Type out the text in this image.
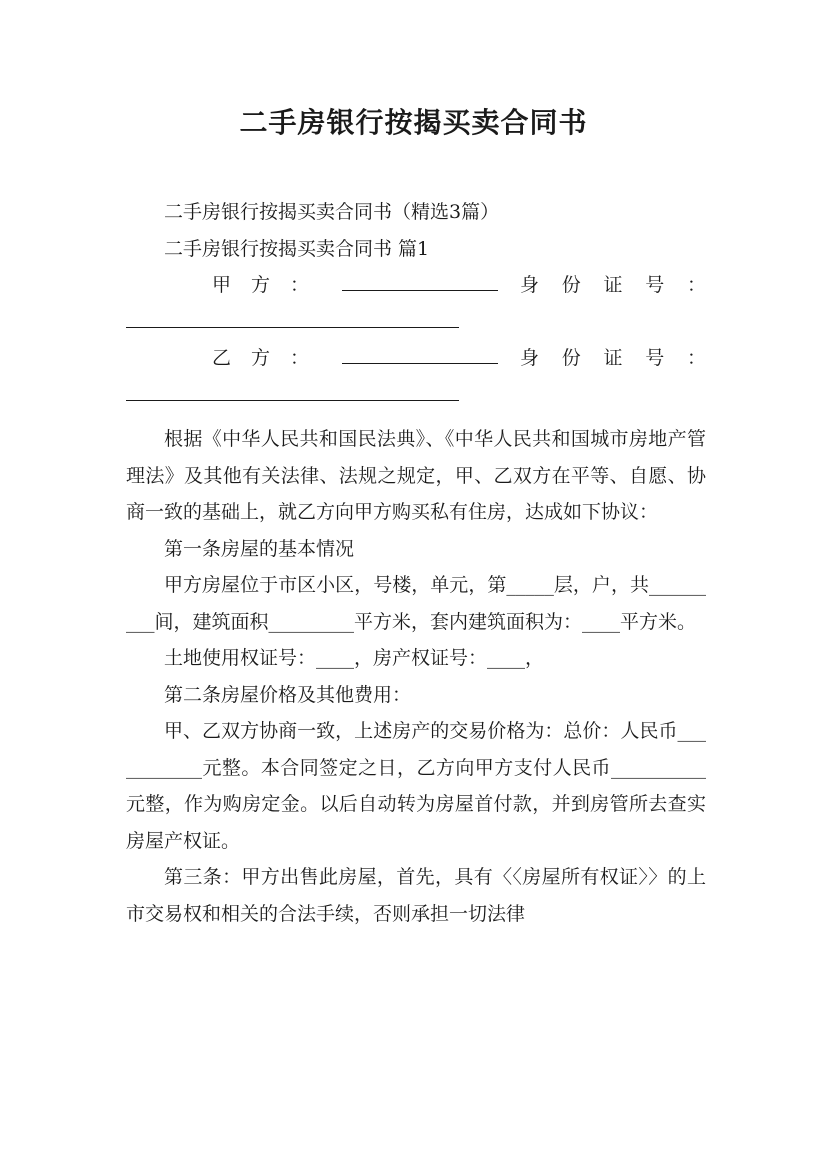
二手房银行按揭买卖合同书

二手房银行按揭买卖合同书（精选3篇）

二手房银行按揭买卖合同书 篇1

甲方：	身 份 证 号 ：
乙方：	身 份 证 号 ：

根据《中华人民共和国民法典》、《中华人民共和国城市房地产管理法》及其他有关法律、法规之规定，甲、乙双方在平等、自愿、协商一致的基础上，就乙方向甲方购买私有住房，达成如下协议：

第一条房屋的基本情况

甲方房屋位于市区小区，号楼，单元，第_____层，户，共_________间，建筑面积_________平方米，套内建筑面积为：____平方米。

土地使用权证号：____，房产权证号：____，

第二条房屋价格及其他费用：

甲、乙双方协商一致，上述房产的交易价格为：总价：人民币___________元整。本合同签定之日，乙方向甲方支付人民币__________元整，作为购房定金。以后自动转为房屋首付款，并到房管所去查实房屋产权证。

第三条：甲方出售此房屋，首先，具有〈〈房屋所有权证〉〉的上市交易权和相关的合法手续，否则承担一切法律
